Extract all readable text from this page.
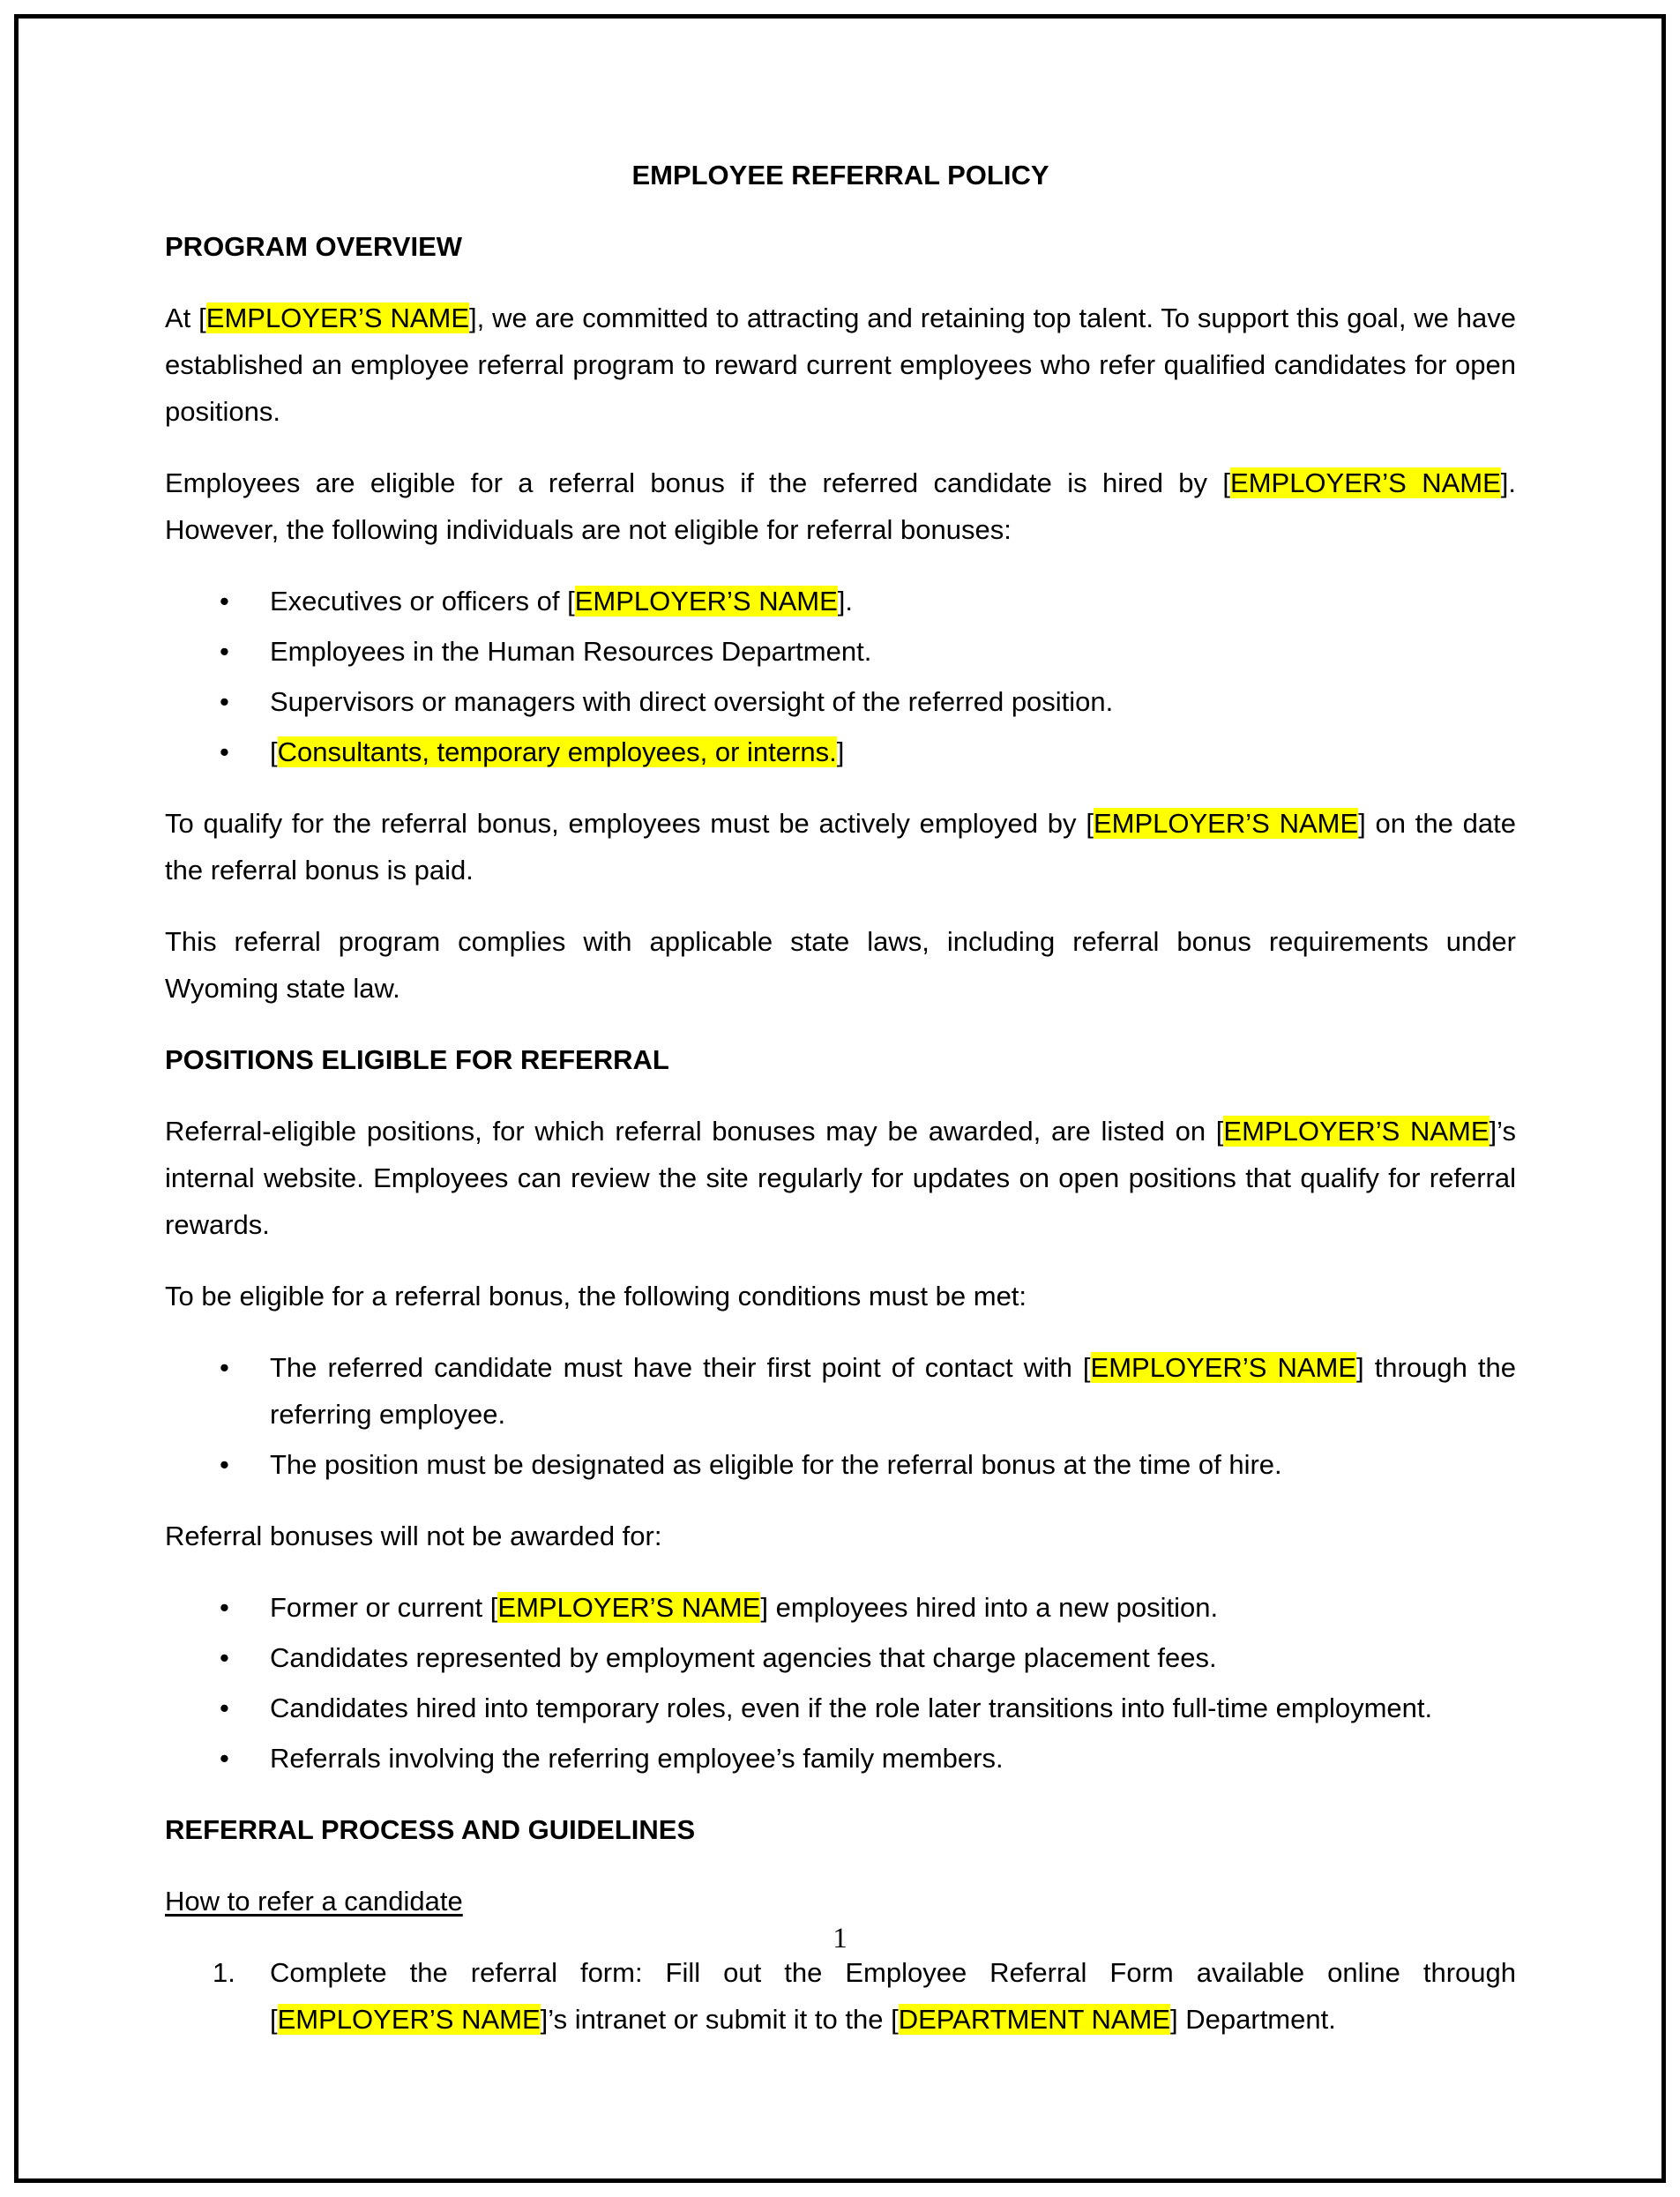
EMPLOYEE REFERRAL POLICY
PROGRAM OVERVIEW

At [EMPLOYER’S NAME], we are committed to attracting and retaining top talent. To support this goal, we have established an employee referral program to reward current employees who refer qualified candidates for open positions.

Employees are eligible for a referral bonus if the referred candidate is hired by [EMPLOYER’S NAME]. However, the following individuals are not eligible for referral bonuses:

• Executives or officers of [EMPLOYER’S NAME].
• Employees in the Human Resources Department.
• Supervisors or managers with direct oversight of the referred position.
• [Consultants, temporary employees, or interns.]

To qualify for the referral bonus, employees must be actively employed by [EMPLOYER’S NAME] on the date the referral bonus is paid.

This referral program complies with applicable state laws, including referral bonus requirements under Wyoming state law.

POSITIONS ELIGIBLE FOR REFERRAL

Referral-eligible positions, for which referral bonuses may be awarded, are listed on [EMPLOYER’S NAME]’s internal website. Employees can review the site regularly for updates on open positions that qualify for referral rewards.

To be eligible for a referral bonus, the following conditions must be met:

• The referred candidate must have their first point of contact with [EMPLOYER’S NAME] through the referring employee.
• The position must be designated as eligible for the referral bonus at the time of hire.

Referral bonuses will not be awarded for:

• Former or current [EMPLOYER’S NAME] employees hired into a new position.
• Candidates represented by employment agencies that charge placement fees.
• Candidates hired into temporary roles, even if the role later transitions into full-time employment.
• Referrals involving the referring employee’s family members.
REFERRAL PROCESS AND GUIDELINES
How to refer a candidate
1. Complete the referral form: Fill out the Employee Referral Form available online through [EMPLOYER’S NAME]’s intranet or submit it to the [DEPARTMENT NAME] Department.
1
